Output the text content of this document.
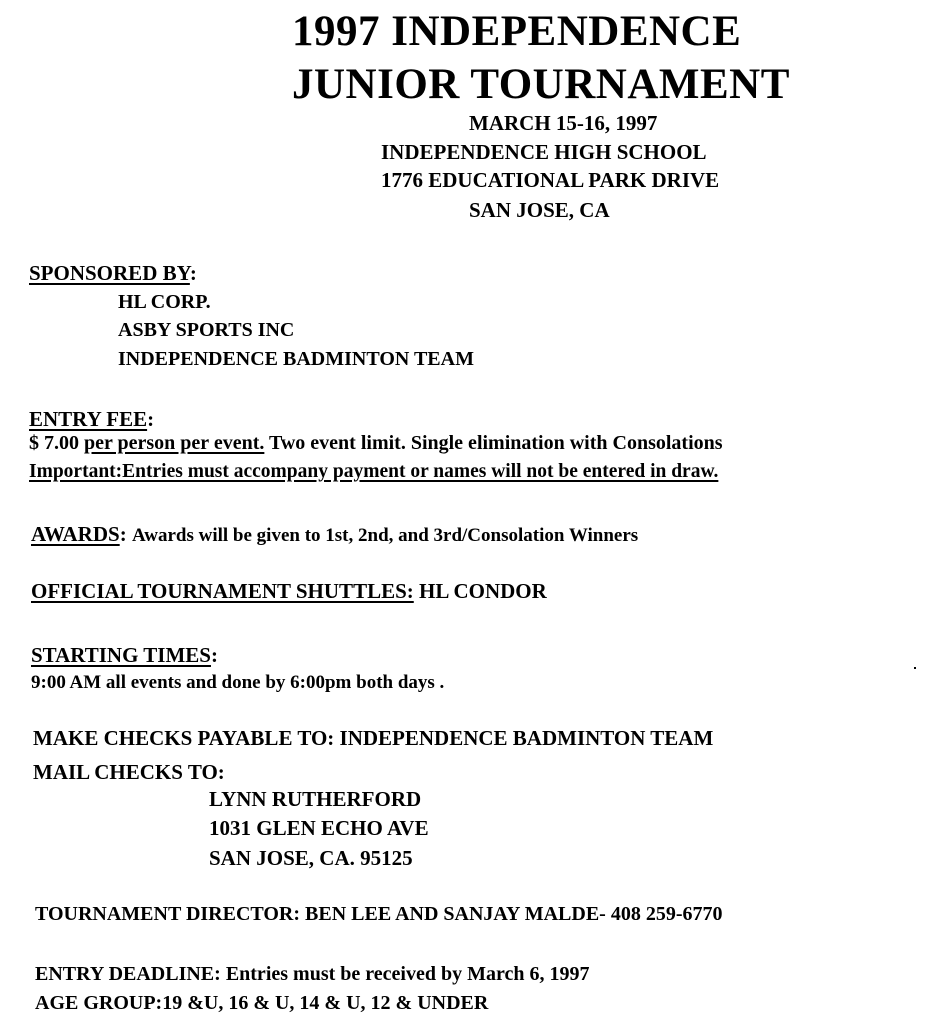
1997 INDEPENDENCE
JUNIOR TOURNAMENT
MARCH 15-16, 1997
INDEPENDENCE HIGH SCHOOL
1776 EDUCATIONAL PARK DRIVE
SAN JOSE, CA
SPONSORED BY:
HL CORP.
ASBY SPORTS INC
INDEPENDENCE BADMINTON TEAM
ENTRY FEE:
$ 7.00 per person per event. Two event limit. Single elimination with Consolations
Important:Entries must accompany payment or names will not be entered in draw.
AWARDS: Awards will be given to 1st, 2nd, and 3rd/Consolation Winners
OFFICIAL TOURNAMENT SHUTTLES: HL CONDOR
STARTING TIMES:
9:00 AM all events and done by 6:00pm both days .
MAKE CHECKS PAYABLE TO: INDEPENDENCE BADMINTON TEAM
MAIL CHECKS TO:
LYNN RUTHERFORD
1031 GLEN ECHO AVE
SAN JOSE, CA. 95125
TOURNAMENT DIRECTOR: BEN LEE AND SANJAY MALDE- 408 259-6770
ENTRY DEADLINE: Entries must be received by March 6, 1997
AGE GROUP:19 &U, 16 & U, 14 & U, 12 & UNDER
